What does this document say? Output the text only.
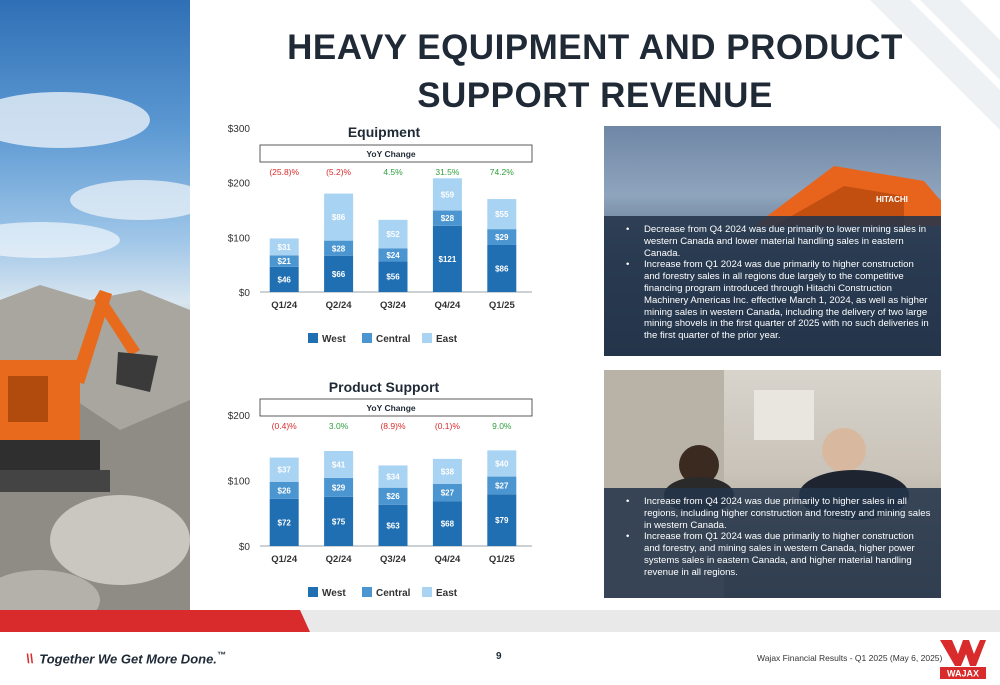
HEAVY EQUIPMENT AND PRODUCT
SUPPORT REVENUE
Equipment
$0
$100
$200
$300
YoY Change
(25.8)%
$46
$21
$31
Q1/24
(5.2)%
$66
$28
$86
Q2/24
4.5%
$56
$24
$52
Q3/24
31.5%
$121
$28
$59
Q4/24
74.2%
$86
$29
$55
Q1/25
West	Central	East
Product Support
$0
$100
$200
YoY Change
(0.4)%
$72
$26
$37
Q1/24
3.0%
$75
$29
$41
Q2/24
(8.9)%
$63
$26
$34
Q3/24
(0.1)%
$68
$27
$38
Q4/24
9.0%
$79
$27
$40
Q1/25
West	Central	East
HITACHI
• Decrease from Q4 2024 was due primarily to lower mining sales in western Canada and lower material handling sales in eastern Canada.
• Increase from Q1 2024 was due primarily to higher construction and forestry sales in all regions due largely to the competitive financing program introduced through Hitachi Construction Machinery Americas Inc. effective March 1, 2024, as well as higher mining sales in western Canada, including the delivery of two large mining shovels in the first quarter of 2025 with no such deliveries in the first quarter of the prior year.
• Increase from Q4 2024 was due primarily to higher sales in all regions, including higher construction and forestry and mining sales in western Canada.
• Increase from Q1 2024 was due primarily to higher construction and forestry, and mining sales in western Canada, higher power systems sales in eastern Canada, and higher material handling revenue in all regions.
\\ Together We Get More Done.™	9	Wajax Financial Results - Q1 2025 (May 6, 2025)
WAJAX
